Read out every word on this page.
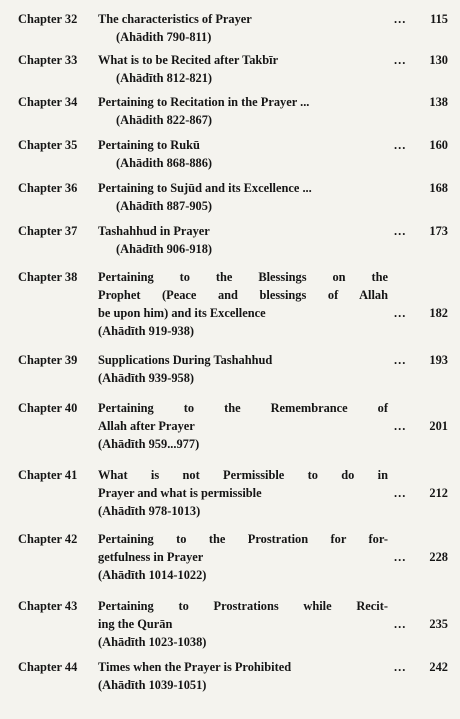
Chapter 32 The characteristics of Prayer
(Ahādith 790-811)
...	115
Chapter 33 What is to be Recited after Takbīr
(Ahādīth 812-821)
...	130
Chapter 34 Pertaining to Recitation in the Prayer ...
(Ahādith 822-867)
138
Chapter 35 Pertaining to Rukū
(Ahādith 868-886)
...	160
Chapter 36 Pertaining to Sujūd and its Excellence ...
(Ahādīth 887-905)
168
Chapter 37 Tashahhud in Prayer
(Ahādīth 906-918)
...	173
Chapter 38 Pertaining to the Blessings on the
Prophet (Peace and blessings of Allah
be upon him) and its Excellence
(Ahādīth 919-938)
...	182
Chapter 39 Supplications During Tashahhud
(Ahādīth 939-958)
...	193
Chapter 40 Pertaining to the Remembrance of
Allah after Prayer
(Ahādīth 959...977)
...	201
Chapter 41 What is not Permissible to do in
Prayer and what is permissible
(Ahādīth 978-1013)
...	212
Chapter 42 Pertaining to the Prostration for for-
getfulness in Prayer
(Ahādīth 1014-1022)
...	228
Chapter 43 Pertaining to Prostrations while Recit-
ing the Qurān
(Ahādīth 1023-1038)
...	235
Chapter 44 Times when the Prayer is Prohibited
(Ahādīth 1039-1051)
...	242
